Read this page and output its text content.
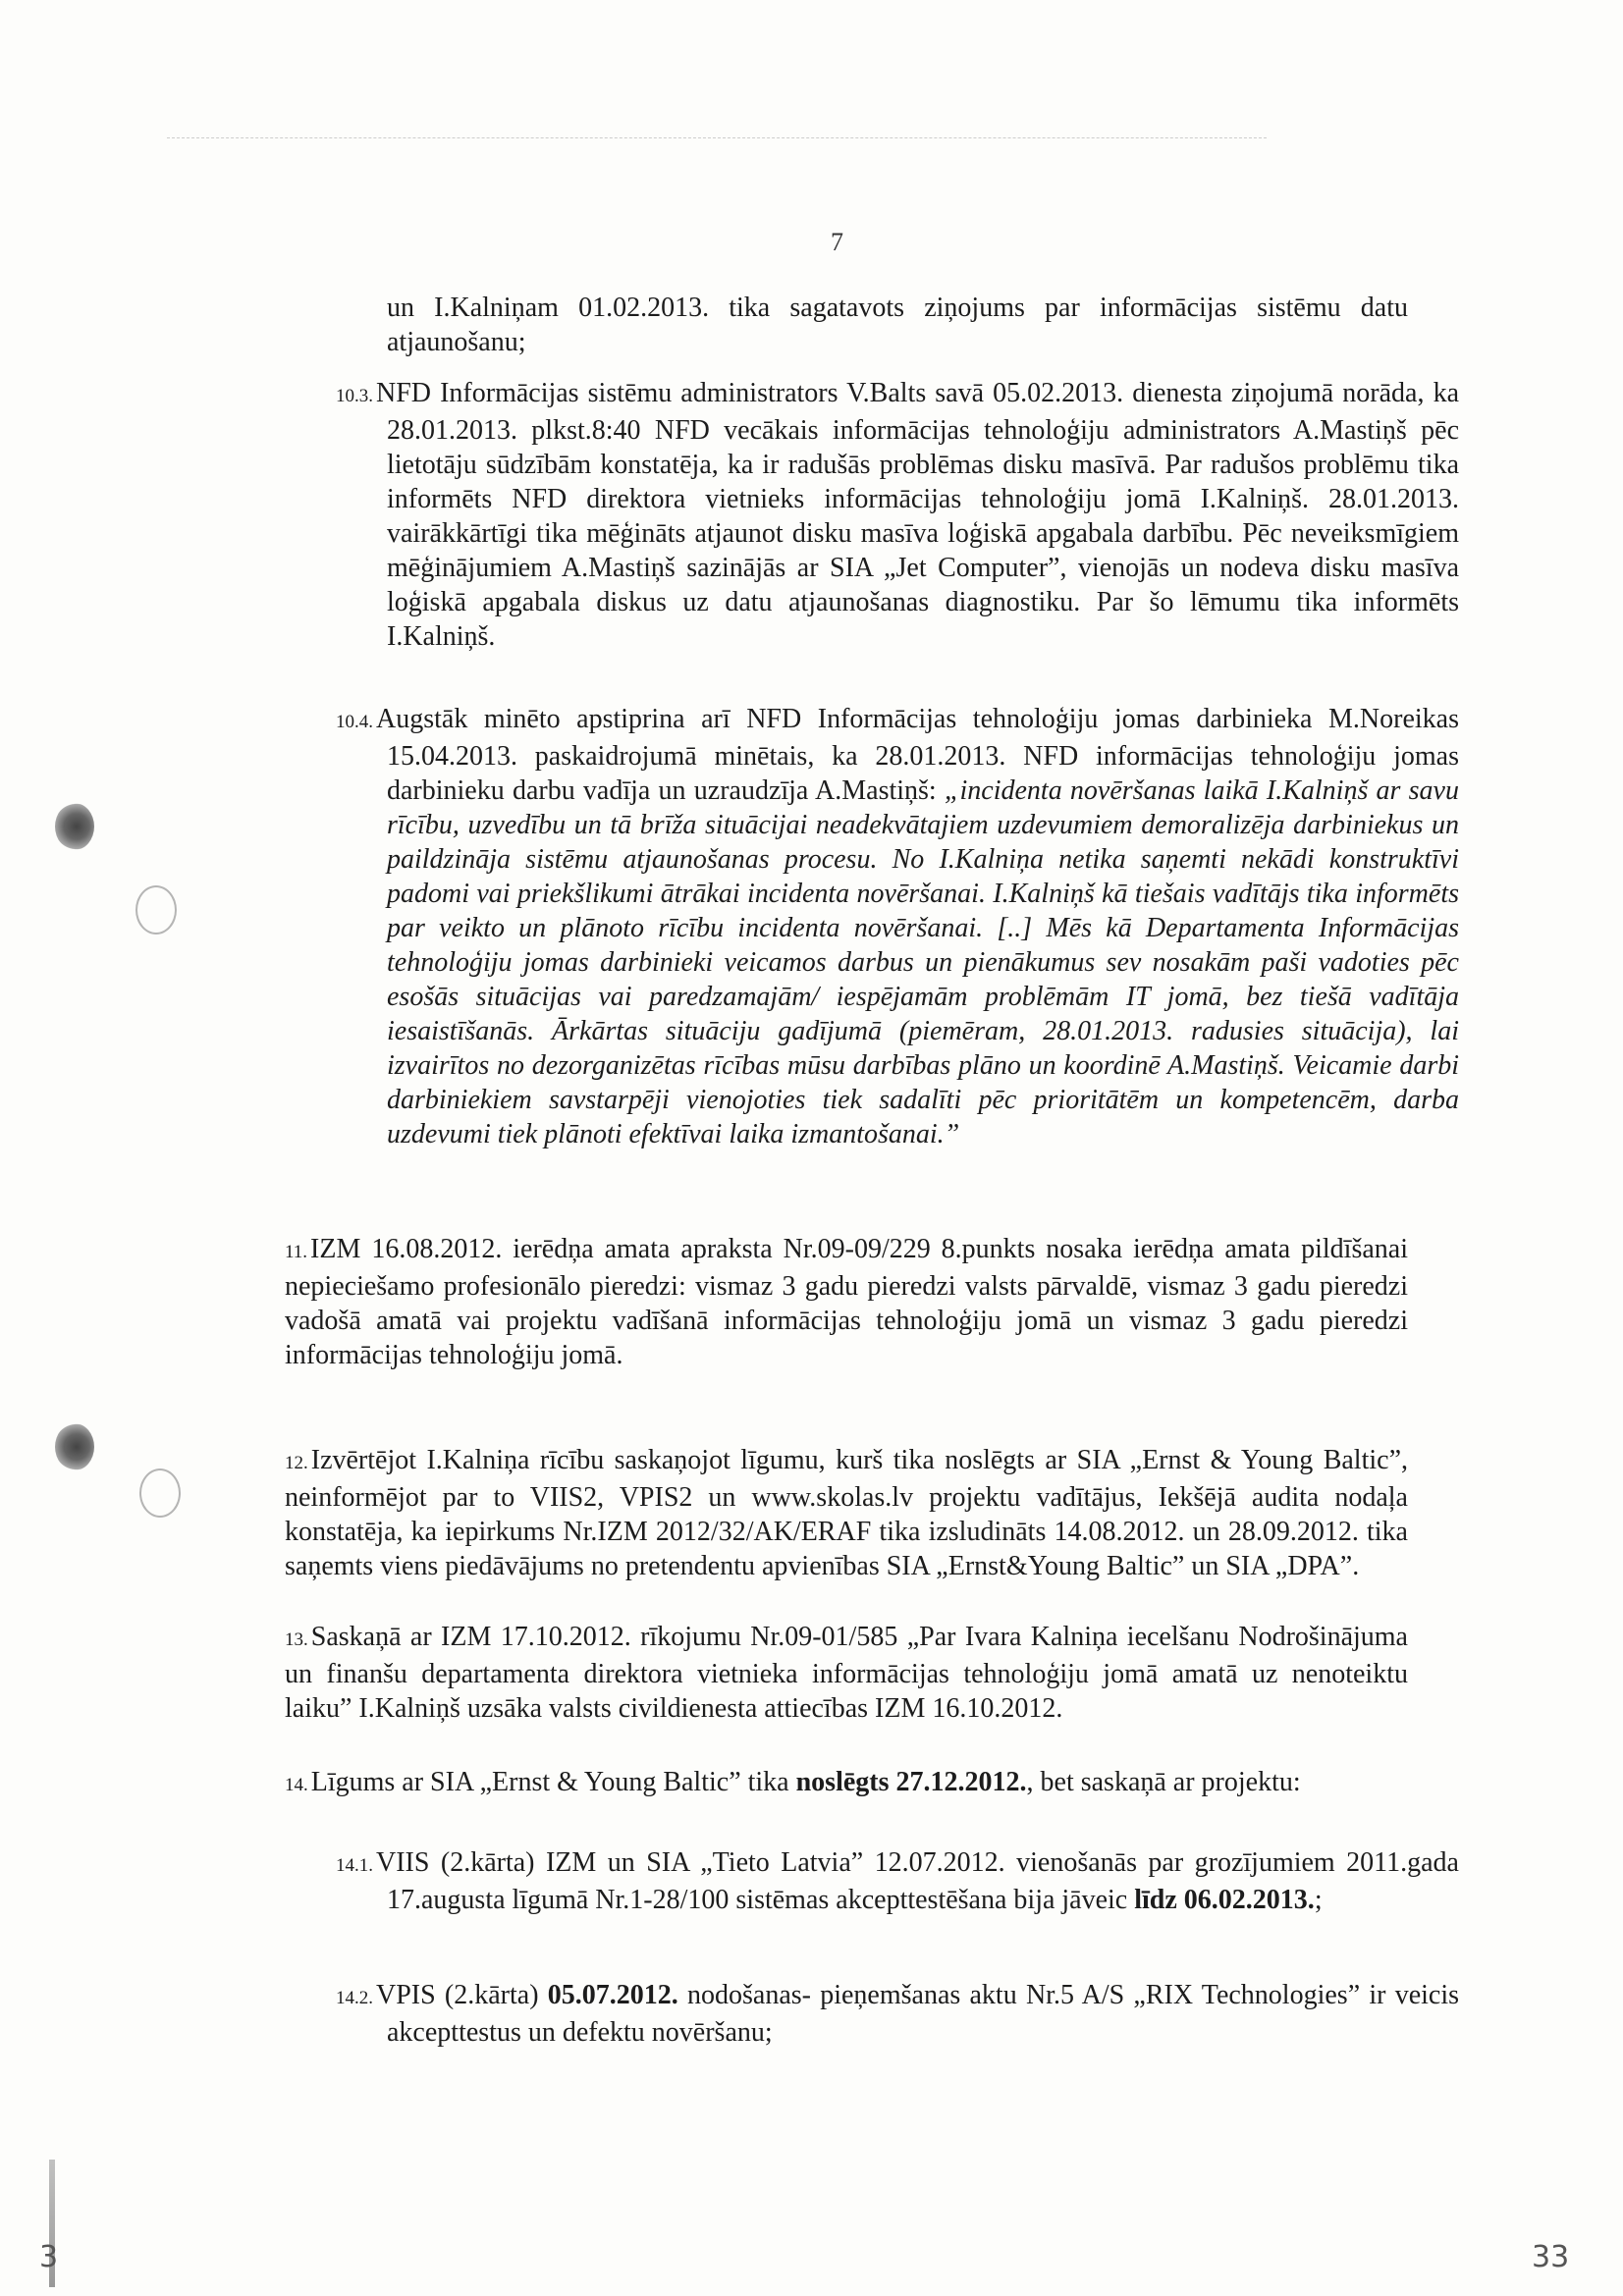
7

un I.Kalniņam 01.02.2013. tika sagatavots ziņojums par informācijas sistēmu datu atjaunošanu;

10.3. NFD Informācijas sistēmu administrators V.Balts savā 05.02.2013. dienesta ziņojumā norāda, ka 28.01.2013. plkst.8:40 NFD vecākais informācijas tehnoloģiju administrators A.Mastiņš pēc lietotāju sūdzībām konstatēja, ka ir radušās problēmas disku masīvā. Par radušos problēmu tika informēts NFD direktora vietnieks informācijas tehnoloģiju jomā I.Kalniņš. 28.01.2013. vairākkārtīgi tika mēģināts atjaunot disku masīva loģiskā apgabala darbību. Pēc neveiksmīgiem mēģinājumiem A.Mastiņš sazinājās ar SIA „Jet Computer”, vienojās un nodeva disku masīva loģiskā apgabala diskus uz datu atjaunošanas diagnostiku. Par šo lēmumu tika informēts I.Kalniņš.

10.4. Augstāk minēto apstiprina arī NFD Informācijas tehnoloģiju jomas darbinieka M.Noreikas 15.04.2013. paskaidrojumā minētais, ka 28.01.2013. NFD informācijas tehnoloģiju jomas darbinieku darbu vadīja un uzraudzīja A.Mastiņš: „incidenta novēršanas laikā I.Kalniņš ar savu rīcību, uzvedību un tā brīža situācijai neadekvātajiem uzdevumiem demoralizēja darbiniekus un paildzināja sistēmu atjaunošanas procesu. No I.Kalniņa netika saņemti nekādi konstruktīvi padomi vai priekšlikumi ātrākai incidenta novēršanai. I.Kalniņš kā tiešais vadītājs tika informēts par veikto un plānoto rīcību incidenta novēršanai. [..] Mēs kā Departamenta Informācijas tehnoloģiju jomas darbinieki veicamos darbus un pienākumus sev nosakām paši vadoties pēc esošās situācijas vai paredzamajām/ iespējamām problēmām IT jomā, bez tiešā vadītāja iesaistīšanās. Ārkārtas situāciju gadījumā (piemēram, 28.01.2013. radusies situācija), lai izvairītos no dezorganizētas rīcības mūsu darbības plāno un koordinē A.Mastiņš. Veicamie darbi darbiniekiem savstarpēji vienojoties tiek sadalīti pēc prioritātēm un kompetencēm, darba uzdevumi tiek plānoti efektīvai laika izmantošanai.”

11. IZM 16.08.2012. ierēdņa amata apraksta Nr.09-09/229 8.punkts nosaka ierēdņa amata pildīšanai nepieciešamo profesionālo pieredzi: vismaz 3 gadu pieredzi valsts pārvaldē, vismaz 3 gadu pieredzi vadošā amatā vai projektu vadīšanā informācijas tehnoloģiju jomā un vismaz 3 gadu pieredzi informācijas tehnoloģiju jomā.

12. Izvērtējot I.Kalniņa rīcību saskaņojot līgumu, kurš tika noslēgts ar SIA „Ernst & Young Baltic”, neinformējot par to VIIS2, VPIS2 un www.skolas.lv projektu vadītājus, Iekšējā audita nodaļa konstatēja, ka iepirkums Nr.IZM 2012/32/AK/ERAF tika izsludināts 14.08.2012. un 28.09.2012. tika saņemts viens piedāvājums no pretendentu apvienības SIA „Ernst&Young Baltic” un SIA „DPA”.

13. Saskaņā ar IZM 17.10.2012. rīkojumu Nr.09-01/585 „Par Ivara Kalniņa iecelšanu Nodrošinājuma un finanšu departamenta direktora vietnieka informācijas tehnoloģiju jomā amatā uz nenoteiktu laiku” I.Kalniņš uzsāka valsts civildienesta attiecības IZM 16.10.2012.

14. Līgums ar SIA „Ernst & Young Baltic” tika noslēgts 27.12.2012., bet saskaņā ar projektu:

14.1. VIIS (2.kārta) IZM un SIA „Tieto Latvia” 12.07.2012. vienošanās par grozījumiem 2011.gada 17.augusta līgumā Nr.1-28/100 sistēmas akcepttestēšana bija jāveic līdz 06.02.2013.;

14.2. VPIS (2.kārta) 05.07.2012. nodošanas- pieņemšanas aktu Nr.5 A/S „RIX Technologies” ir veicis akcepttestus un defektu novēršanu;

3	33
